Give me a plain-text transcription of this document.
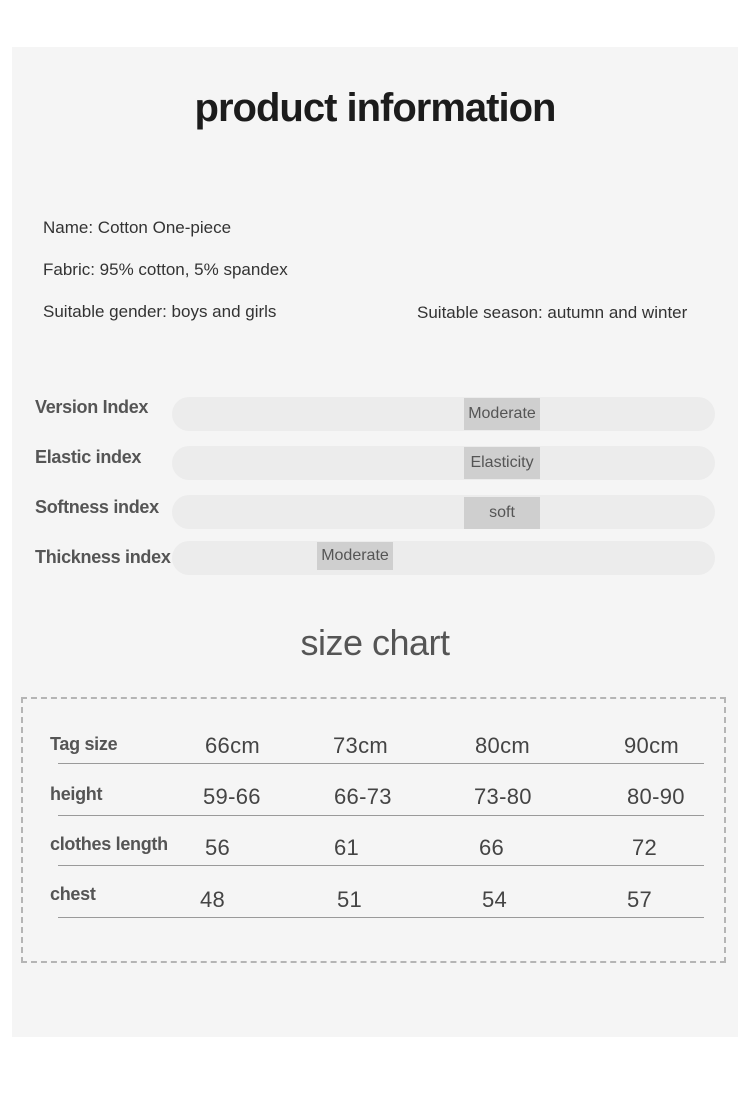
product information
Name: Cotton One-piece
Fabric: 95% cotton, 5% spandex
Suitable gender: boys and girls	Suitable season: autumn and winter
Version Index	Moderate
Elastic index	Elasticity
Softness index	soft
Thickness index	Moderate
size chart
Tag size	66cm	73cm	80cm	90cm
height	59-66	66-73	73-80	80-90
clothes length 56	61	66	72
chest	48	51	54	57
